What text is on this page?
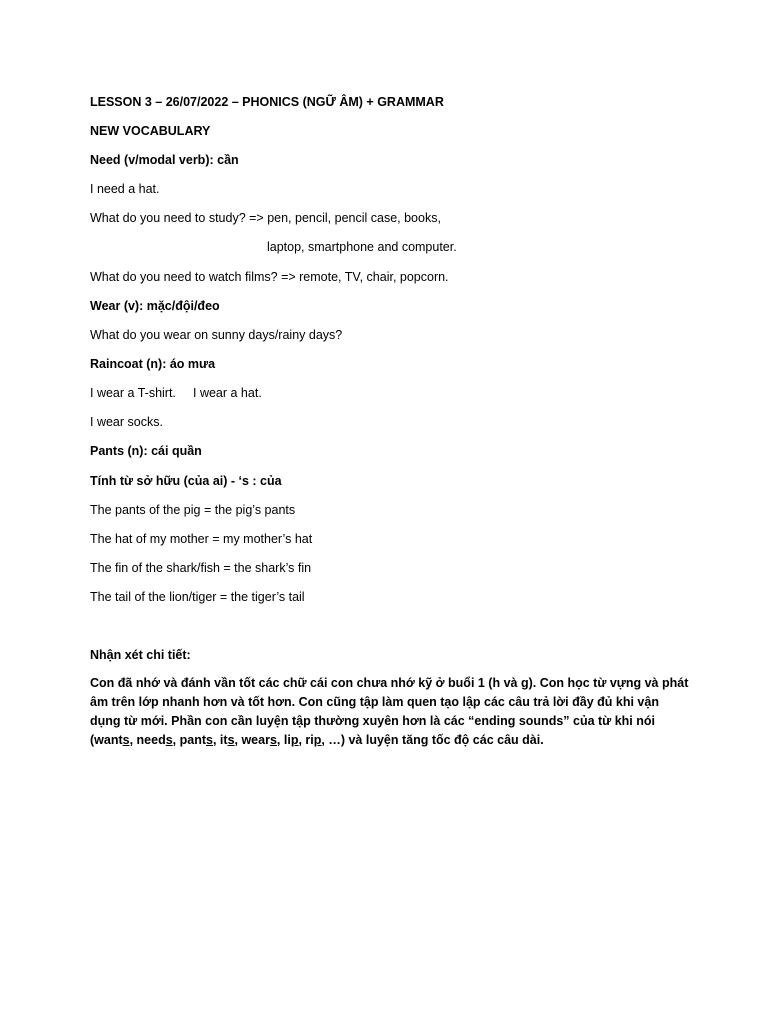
LESSON 3 – 26/07/2022 – PHONICS (NGỮ ÂM) + GRAMMAR
NEW VOCABULARY
Need (v/modal verb): cần
I need a hat.
What do you need to study? => pen, pencil, pencil case, books,
laptop, smartphone and computer.
What do you need to watch films? => remote, TV, chair, popcorn.
Wear (v): mặc/đội/đeo
What do you wear on sunny days/rainy days?
Raincoat (n): áo mưa
I wear a T-shirt. I wear a hat.
I wear socks.
Pants (n): cái quần
Tính từ sở hữu (của ai) - ‘s : của
The pants of the pig = the pig’s pants
The hat of my mother = my mother’s hat
The fin of the shark/fish = the shark’s fin
The tail of the lion/tiger = the tiger’s tail
Nhận xét chi tiết:
Con đã nhớ và đánh vần tốt các chữ cái con chưa nhớ kỹ ở buổi 1 (h và g). Con học từ vựng và phát âm trên lớp nhanh hơn và tốt hơn. Con cũng tập làm quen tạo lập các câu trả lời đầy đủ khi vận dụng từ mới. Phần con cần luyện tập thường xuyên hơn là các “ending sounds” của từ khi nói (wants, needs, pants, its, wears, lip, rip, …) và luyện tăng tốc độ các câu dài.
